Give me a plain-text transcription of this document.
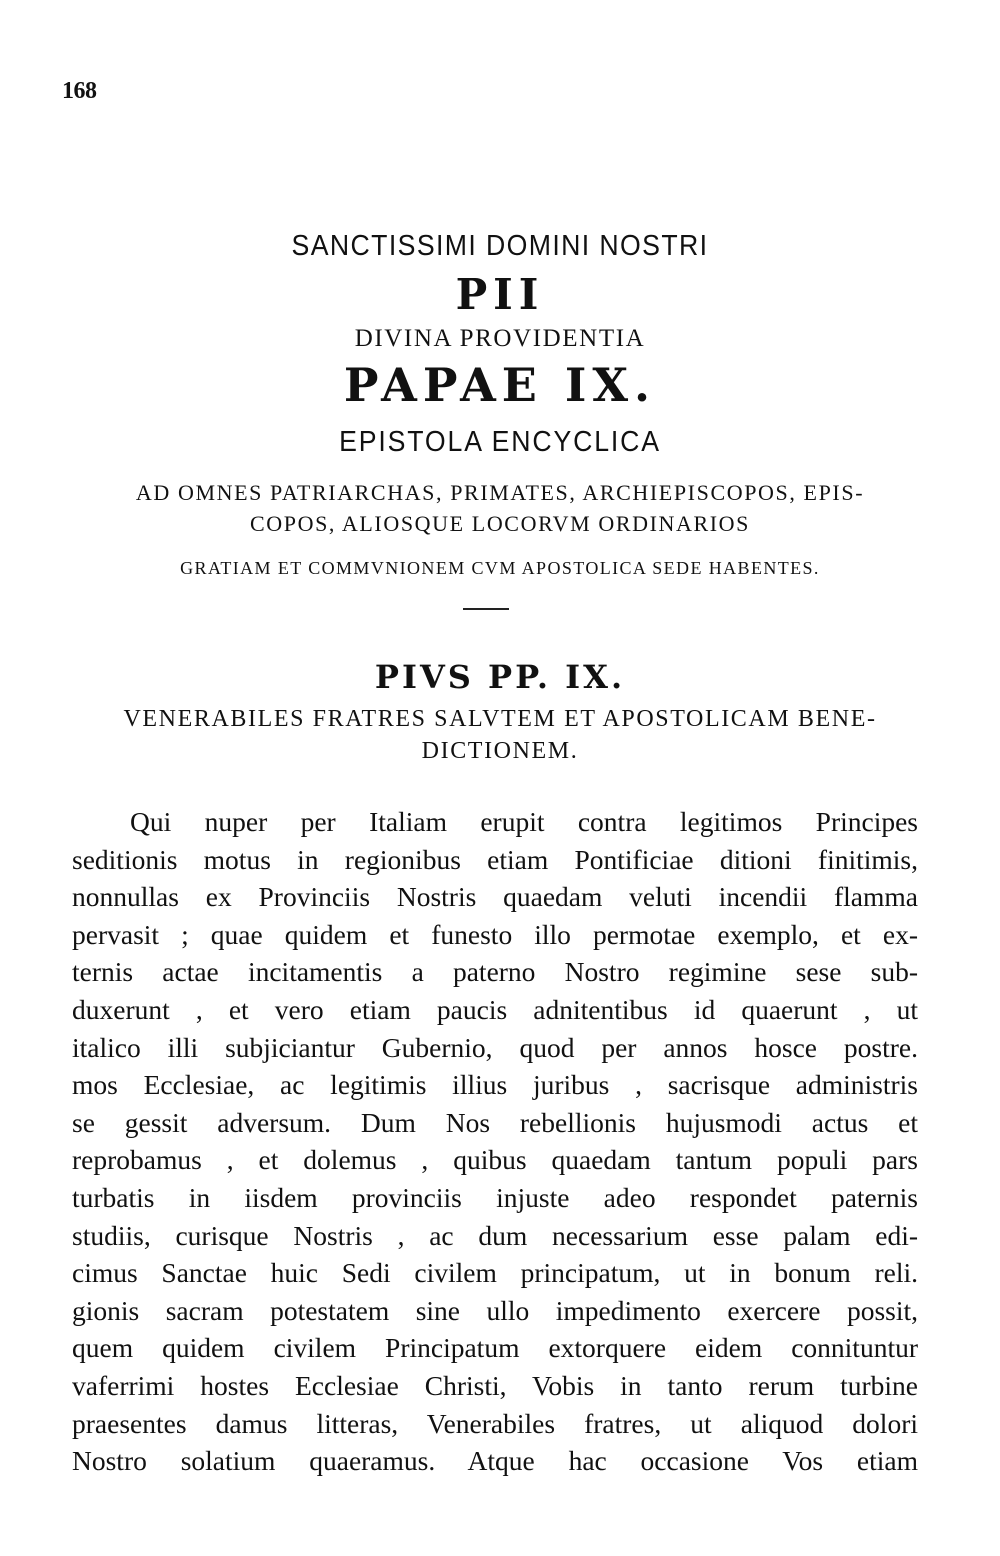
168
SANCTISSIMI DOMINI NOSTRI
PII
DIVINA PROVIDENTIA
PAPAE IX.
EPISTOLA ENCYCLICA
AD OMNES PATRIARCHAS, PRIMATES, ARCHIEPISCOPOS, EPIS-
COPOS, ALIOSQUE LOCORVM ORDINARIOS
GRATIAM ET COMMVNIONEM CVM APOSTOLICA SEDE HABENTES.
PIVS PP. IX.
VENERABILES FRATRES SALVTEM ET APOSTOLICAM BENE-
DICTIONEM.
Qui nuper per Italiam erupit contra legitimos Principes
seditionis motus in regionibus etiam Pontificiae ditioni finitimis,
nonnullas ex Provinciis Nostris quaedam veluti incendii flamma
pervasit ; quae quidem et funesto illo permotae exemplo, et ex-
ternis actae incitamentis a paterno Nostro regimine sese sub-
duxerunt , et vero etiam paucis adnitentibus id quaerunt , ut
italico illi subjiciantur Gubernio, quod per annos hosce postre.
mos Ecclesiae, ac legitimis illius juribus , sacrisque administris
se gessit adversum. Dum Nos rebellionis hujusmodi actus et
reprobamus , et dolemus , quibus quaedam tantum populi pars
turbatis in iisdem provinciis injuste adeo respondet paternis
studiis, curisque Nostris , ac dum necessarium esse palam edi-
cimus Sanctae huic Sedi civilem principatum, ut in bonum reli.
gionis sacram potestatem sine ullo impedimento exercere possit,
quem quidem civilem Principatum extorquere eidem connituntur
vaferrimi hostes Ecclesiae Christi, Vobis in tanto rerum turbine
praesentes damus litteras, Venerabiles fratres, ut aliquod dolori
Nostro solatium quaeramus. Atque hac occasione Vos etiam
